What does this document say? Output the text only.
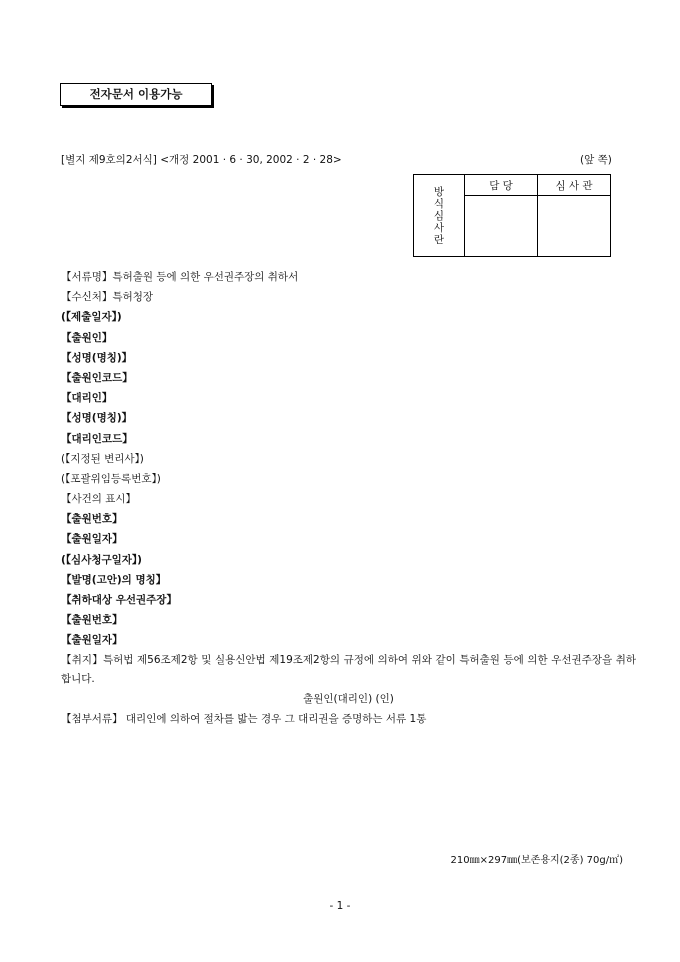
전자문서 이용가능
[별지 제9호의2서식] <개정 2001 · 6 · 30, 2002 · 2 · 28>	(앞 쪽)
방
식
심
사
란	담 당	심 사 관

【서류명】특허출원 등에 의한 우선권주장의 취하서
【수신처】특허청장
(【제출일자】)
【출원인】
【성명(명칭)】
【출원인코드】
【대리인】
【성명(명칭)】
【대리인코드】
(【지정된 변리사】)
(【포괄위임등록번호】)
【사건의 표시】
【출원번호】
【출원일자】
(【심사청구일자】)
【발명(고안)의 명칭】
【취하대상 우선권주장】
【출원번호】
【출원일자】
【취지】특허법 제56조제2항 및 실용신안법 제19조제2항의 규정에 의하여 위와 같이 특허출원 등에 의한 우선권주장을 취하합니다.
출원인(대리인) (인)
【첨부서류】 대리인에 의하여 절차를 밟는 경우 그 대리권을 증명하는 서류 1통
210㎜×297㎜(보존용지(2종) 70g/㎡)
- 1 -
